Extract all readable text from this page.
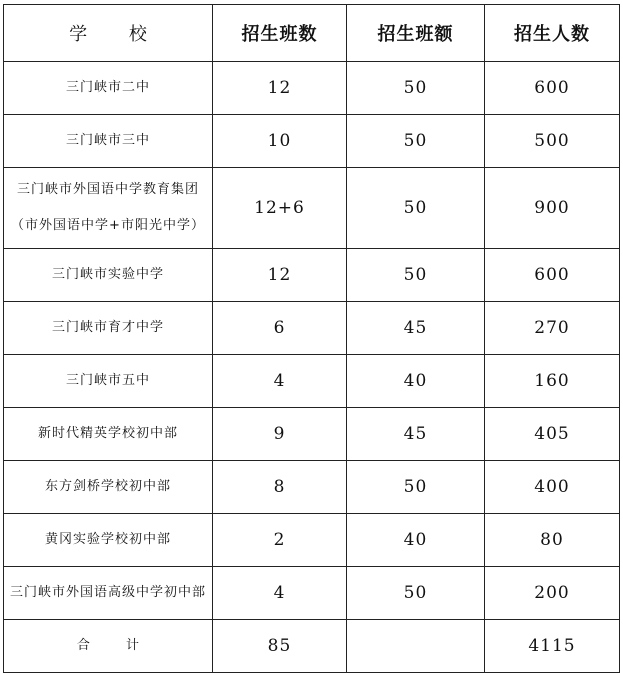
学 校	招生班数	招生班额	招生人数
三门峡市二中	12	50	600
三门峡市三中	10	50	500
三门峡市外国语中学教育集团（市外国语中学+市阳光中学）	12+6	50	900
三门峡市实验中学	12	50	600
三门峡市育才中学	6	45	270
三门峡市五中	4	40	160
新时代精英学校初中部	9	45	405
东方剑桥学校初中部	8	50	400
黄冈实验学校初中部	2	40	80
三门峡市外国语高级中学初中部	4	50	200
合 计	85		4115
